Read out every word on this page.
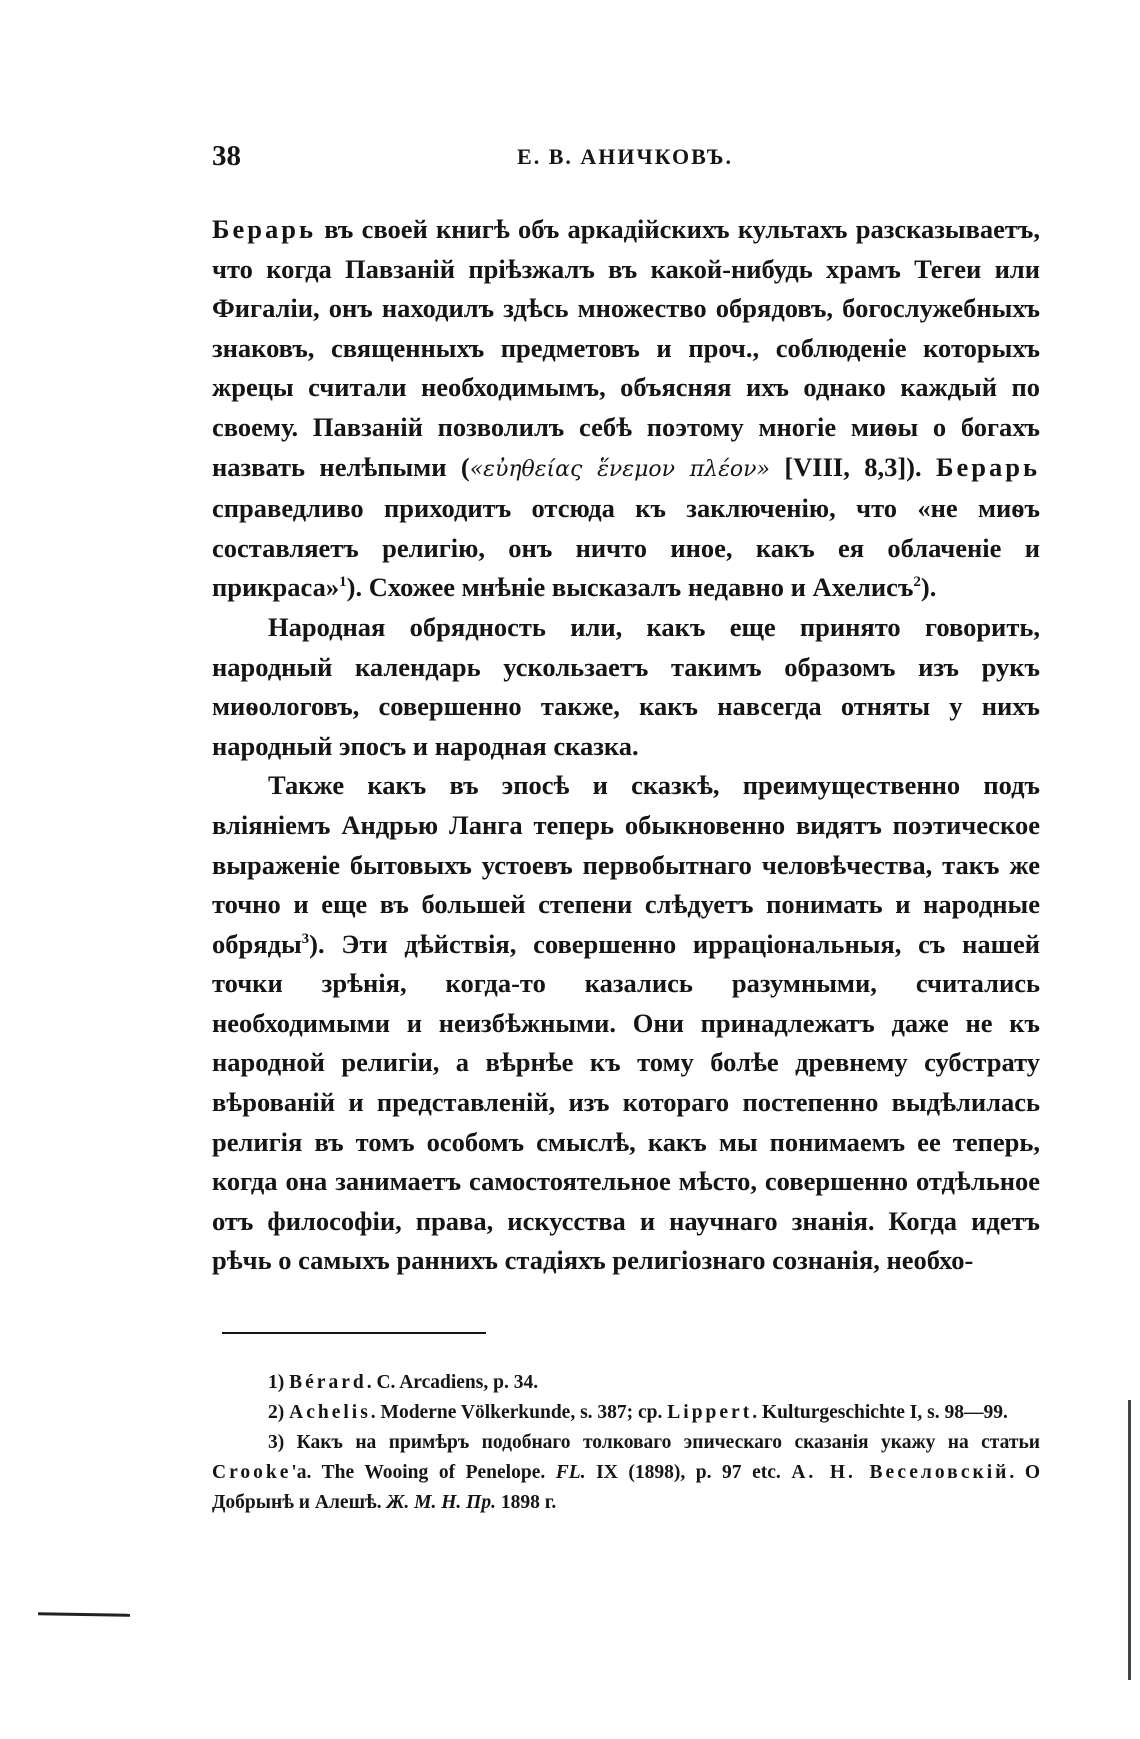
38	Е. В. АНИЧКОВЪ.

Берарь въ своей книгѣ объ аркадійскихъ культахъ разсказываетъ, что когда Павзаній пріѣзжалъ въ какой-нибудь храмъ Тегеи или Фигаліи, онъ находилъ здѣсь множество обрядовъ, богослужебныхъ знаковъ, священныхъ предметовъ и проч., соблюденіе которыхъ жрецы считали необходимымъ, объясняя ихъ однако каждый по своему. Павзаній позволилъ себѣ поэтому многіе миѳы о богахъ назвать нелѣпыми («εὐηθείας ἕνεμον πλέον» [VIII, 8,3]). Берарь справедливо приходитъ отсюда къ заключенію, что «не миѳъ составляетъ религію, онъ ничто иное, какъ ея облаченіе и прикраса»$^1$). Схожее мнѣніе высказалъ недавно и Ахелисъ$^2$).

Народная обрядность или, какъ еще принято говорить, народный календарь ускользаетъ такимъ образомъ изъ рукъ миѳологовъ, совершенно также, какъ навсегда отняты у нихъ народный эпосъ и народная сказка.

Также какъ въ эпосѣ и сказкѣ, преимущественно подъ вліяніемъ Андрью Ланга теперь обыкновенно видятъ поэтическое выраженіе бытовыхъ устоевъ первобытнаго человѣчества, такъ же точно и еще въ большей степени слѣдуетъ понимать и народные обряды$^3$). Эти дѣйствія, совершенно ирраціональныя, съ нашей точки зрѣнія, когда-то казались разумными, считались необходимыми и неизбѣжными. Они принадлежатъ даже не къ народной религіи, а вѣрнѣе къ тому болѣе древнему субстрату вѣрованій и представленій, изъ котораго постепенно выдѣлилась религія въ томъ особомъ смыслѣ, какъ мы понимаемъ ее теперь, когда она занимаетъ самостоятельное мѣсто, совершенно отдѣльное отъ философіи, права, искусства и научнаго знанія. Когда идетъ рѣчь о самыхъ раннихъ стадіяхъ религіознаго сознанія, необхо-

1) Bérard. C. Arcadiens, p. 34.

2) Achelis. Moderne Völkerkunde, s. 387; cp. Lippert. Kulturgeschichte I, s. 98—99.

3) Какъ на примѣръ подобнаго толковаго эпическаго сказанія укажу на статьи Crooke'a. The Wooing of Penelope. FL. IX (1898), p. 97 etc. А. Н. Веселовскій. О Добрынѣ и Алешѣ. Ж. М. Н. Пр. 1898 г.
